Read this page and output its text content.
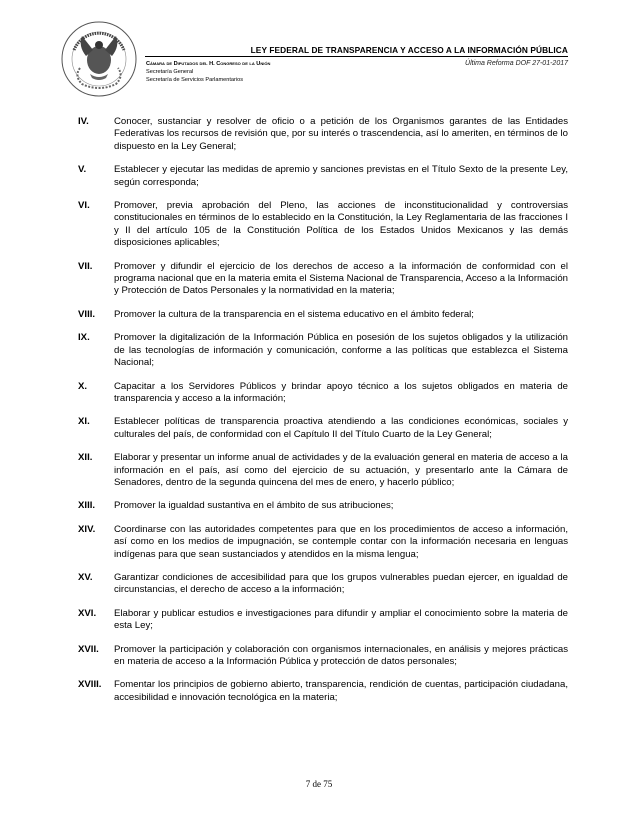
LEY FEDERAL DE TRANSPARENCIA Y ACCESO A LA INFORMACIÓN PÚBLICA
Cámara de Diputados del H. Congreso de la Unión
Secretaría General
Secretaría de Servicios Parlamentarios
Última Reforma DOF 27-01-2017
IV.	Conocer, sustanciar y resolver de oficio o a petición de los Organismos garantes de las Entidades Federativas los recursos de revisión que, por su interés o trascendencia, así lo ameriten, en términos de lo dispuesto en la Ley General;
V.	Establecer y ejecutar las medidas de apremio y sanciones previstas en el Título Sexto de la presente Ley, según corresponda;
VI.	Promover, previa aprobación del Pleno, las acciones de inconstitucionalidad y controversias constitucionales en términos de lo establecido en la Constitución, la Ley Reglamentaria de las fracciones I y II del artículo 105 de la Constitución Política de los Estados Unidos Mexicanos y las demás disposiciones aplicables;
VII.	Promover y difundir el ejercicio de los derechos de acceso a la información de conformidad con el programa nacional que en la materia emita el Sistema Nacional de Transparencia, Acceso a la Información y Protección de Datos Personales y la normatividad en la materia;
VIII.	Promover la cultura de la transparencia en el sistema educativo en el ámbito federal;
IX.	Promover la digitalización de la Información Pública en posesión de los sujetos obligados y la utilización de las tecnologías de información y comunicación, conforme a las políticas que establezca el Sistema Nacional;
X.	Capacitar a los Servidores Públicos y brindar apoyo técnico a los sujetos obligados en materia de transparencia y acceso a la información;
XI.	Establecer políticas de transparencia proactiva atendiendo a las condiciones económicas, sociales y culturales del país, de conformidad con el Capítulo II del Título Cuarto de la Ley General;
XII.	Elaborar y presentar un informe anual de actividades y de la evaluación general en materia de acceso a la información en el país, así como del ejercicio de su actuación, y presentarlo ante la Cámara de Senadores, dentro de la segunda quincena del mes de enero, y hacerlo público;
XIII.	Promover la igualdad sustantiva en el ámbito de sus atribuciones;
XIV.	Coordinarse con las autoridades competentes para que en los procedimientos de acceso a información, así como en los medios de impugnación, se contemple contar con la información necesaria en lenguas indígenas para que sean sustanciados y atendidos en la misma lengua;
XV.	Garantizar condiciones de accesibilidad para que los grupos vulnerables puedan ejercer, en igualdad de circunstancias, el derecho de acceso a la información;
XVI.	Elaborar y publicar estudios e investigaciones para difundir y ampliar el conocimiento sobre la materia de esta Ley;
XVII.	Promover la participación y colaboración con organismos internacionales, en análisis y mejores prácticas en materia de acceso a la Información Pública y protección de datos personales;
XVIII.	Fomentar los principios de gobierno abierto, transparencia, rendición de cuentas, participación ciudadana, accesibilidad e innovación tecnológica en la materia;
7 de 75
